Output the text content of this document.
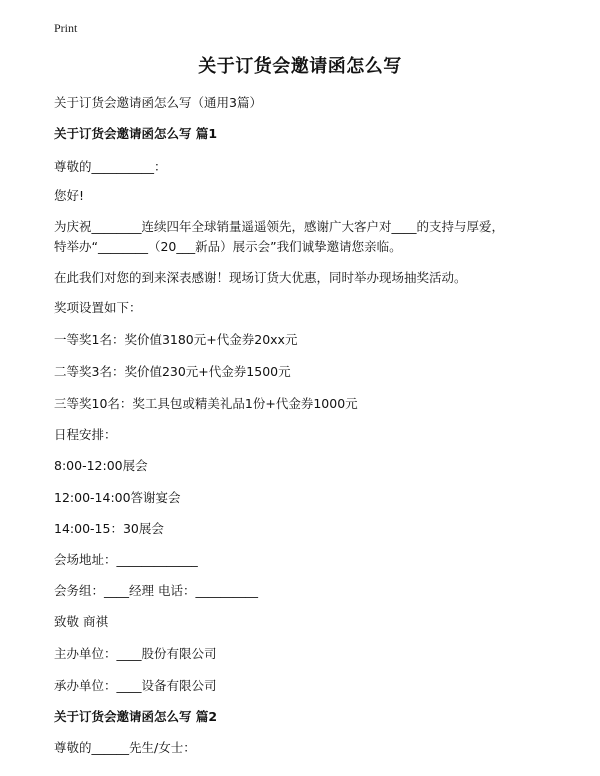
Print
关于订货会邀请函怎么写
关于订货会邀请函怎么写（通用3篇）
关于订货会邀请函怎么写 篇1
尊敬的__________：
您好!
为庆祝________连续四年全球销量遥遥领先，感谢广大客户对____的支持与厚爱，
特举办“________（20___新品）展示会”我们诚挚邀请您亲临。
在此我们对您的到来深表感谢！现场订货大优惠，同时举办现场抽奖活动。
奖项设置如下：
一等奖1名：奖价值3180元+代金券20xx元
二等奖3名：奖价值230元+代金券1500元
三等奖10名：奖工具包或精美礼品1份+代金券1000元
日程安排：
8:00-12:00展会
12:00-14:00答谢宴会
14:00-15：30展会
会场地址：_____________
会务组：____经理 电话：__________
致敬 商祺
主办单位：____股份有限公司
承办单位：____设备有限公司
关于订货会邀请函怎么写 篇2
尊敬的______先生/女士：
